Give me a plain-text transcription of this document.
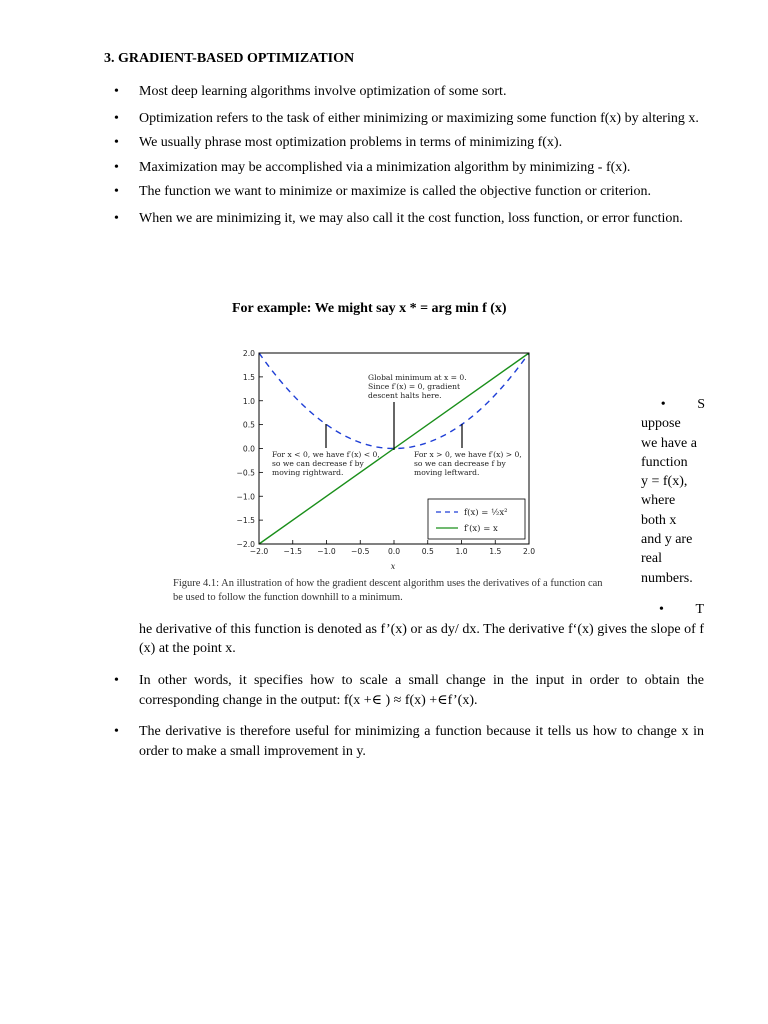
3. GRADIENT-BASED OPTIMIZATION
• Most deep learning algorithms involve optimization of some sort.
• Optimization refers to the task of either minimizing or maximizing some function f(x) by altering x.
• We usually phrase most optimization problems in terms of minimizing f(x).
• Maximization may be accomplished via a minimization algorithm by minimizing - f(x).
• The function we want to minimize or maximize is called the objective function or criterion.
• When we are minimizing it, we may also call it the cost function, loss function, or error function.
For example: We might say x * = arg min f (x)
−2.0 −1.5 −1.0 −0.5 0.0	0.5	1.0	1.5	2.0
2.0
1.5
1.0
0.5
0.0
−0.5
−1.0
−1.5
−2.0
Global minimum at x = 0.
Since f′(x) = 0, gradient
descent halts here.
For x < 0, we have f′(x) < 0,
so we can decrease f by
moving rightward.
For x > 0, we have f′(x) > 0,
so we can decrease f by
moving leftward.
f(x) = ½x²
f′(x) = x
x
Figure 4.1: An illustration of how the gradient descent algorithm uses the derivatives of a function can be used to follow the function downhill to a minimum.
•         S
uppose
we have a
function
y = f(x),
where
both x
and y are
real
numbers.
•         T

he derivative of this function is denoted as f’(x) or as dy/ dx. The derivative f‘(x) gives the slope of f (x) at the point x.

• In other words, it specifies how to scale a small change in the input in order to obtain the corresponding change in the output: f(x +∈ ) ≈ f(x) +∈f’(x).
• The derivative is therefore useful for minimizing a function because it tells us how to change x in order to make a small improvement in y.
